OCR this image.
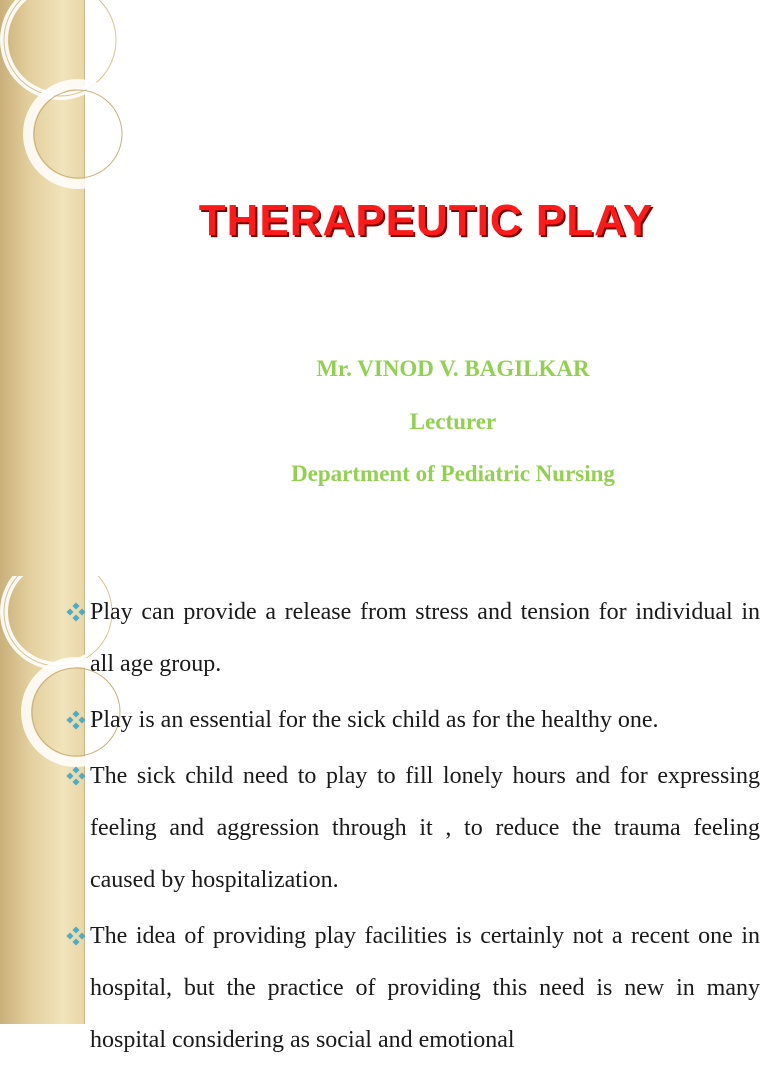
THERAPEUTIC PLAY
Mr. VINOD V. BAGILKAR
Lecturer
Department of Pediatric Nursing
Play can provide a release from stress and tension for individual in all age group.
Play is an essential for the sick child as for the healthy one.
The sick child need to play to fill lonely hours and for expressing feeling and aggression through it , to reduce the trauma feeling caused by hospitalization.
The idea of providing play facilities is certainly not a recent one in hospital, but the practice of providing this need is new in many hospital considering as social and emotional
